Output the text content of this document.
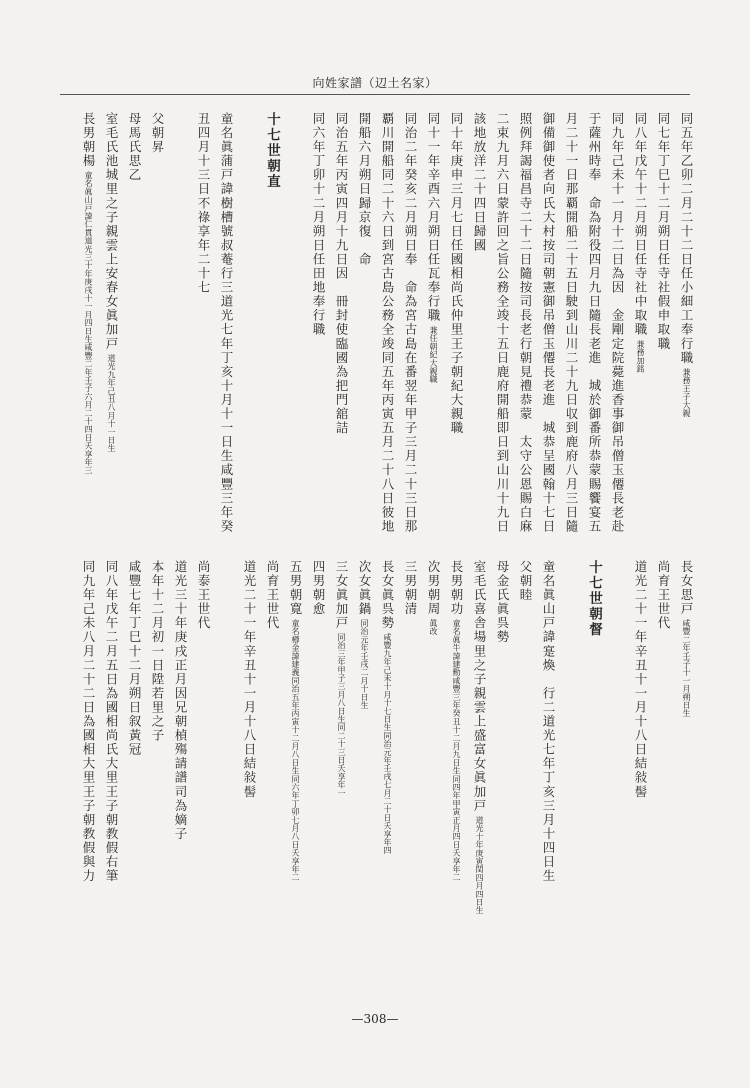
向姓家譜（辺土名家）
同五年乙卯二月二十二日任小細工奉行職兼務王子大親
同七年丁巳十二月朔日任寺社假申取職
同八年戊午十二月朔日任寺社中取職兼務加銘
同九年己未十一月十二日為因　金剛定院薨進香事御吊僧玉僊長老赴
于薩州時奉　命為附役四月九日隨長老進　城於御番所恭蒙賜饗宴五
月二十一日那覇開船二十五日駛到山川二十九日収到鹿府八月三日隨
御備御使者向氏大村按司朝憲御吊僧玉僊長老進　城恭呈國翰十七日
照例拜謁福昌寺二十二日隨按司長老行朝見禮恭蒙　太守公恩賜白麻
二束九月六日蒙許回之旨公務全竣十五日鹿府開船即日到山川十九日
該地放洋二十四日歸國
同十年庚申三月七日任國相尚氏仲里王子朝紀大親職
同十一年辛酉六月朔日任瓦奉行職兼任朝紀大親職
同治二年癸亥二月朔日奉　命為宮古島在番翌年甲子三月二十三日那
覇川開船同二十六日到宮古島公務全竣同五年丙寅五月二十八日彼地
開船六月朔日歸京復　命
同治五年丙寅四月十九日因　冊封使臨國為把門舘詰
同六年丁卯十二月朔日任田地奉行職
十七世朝直
童名眞蒲戸諱樹槽號叔菴行三道光七年丁亥十月十一日生咸豐三年癸
丑四月十三日不祿享年二十七
父朝昇
母馬氏思乙
室毛氏池城里之子親雲上安春女眞加戸道光九年己丑八月十一日生
長男朝楊童名眞山戸諱仁貫道光三十年庚戌十一月四日生咸豐二年壬子六月二十四日夭享年三
長女思戸咸豐二年壬子十一月朔日生
尚育王世代
道光二十一年辛丑十一月十八日結敍髻
十七世朝督
童名眞山戸諱寔煥　行二道光七年丁亥三月十四日生
父朝睦
母金氏眞呉勢
室毛氏喜舎場里之子親雲上盛富女眞加戸道光十年庚寅閏四月四日生
長男朝功童名眞牛諱建勳咸豐三年癸丑十二月九日生同四年甲寅正月四日夭享年二
次男朝周眞改
三男朝清
長女眞呉勢咸豐九年己未十月十七日生同治元年壬戌七月二十日夭享年四
次女眞鍋同治元年壬戌二月十日生
三女眞加戸同治三年甲子三月八日生同二十三日夭享年一
四男朝愈
五男朝寛童名樽金諱建義同治五年丙寅十二月八日生同六年丁卯七月八日夭享年二
尚育王世代
道光二十一年辛丑十一月十八日結敍髻
尚泰王世代
道光三十年庚戌正月因兄朝楨殤請譜司為嫡子
本年十二月初一日陞若里之子
咸豐七年丁巳十二月朔日叙黃冠
同八年戊午二月五日為國相尚氏大里王子朝教假右筆
同九年己未八月二十二日為國相大里王子朝教假與力
—308—
